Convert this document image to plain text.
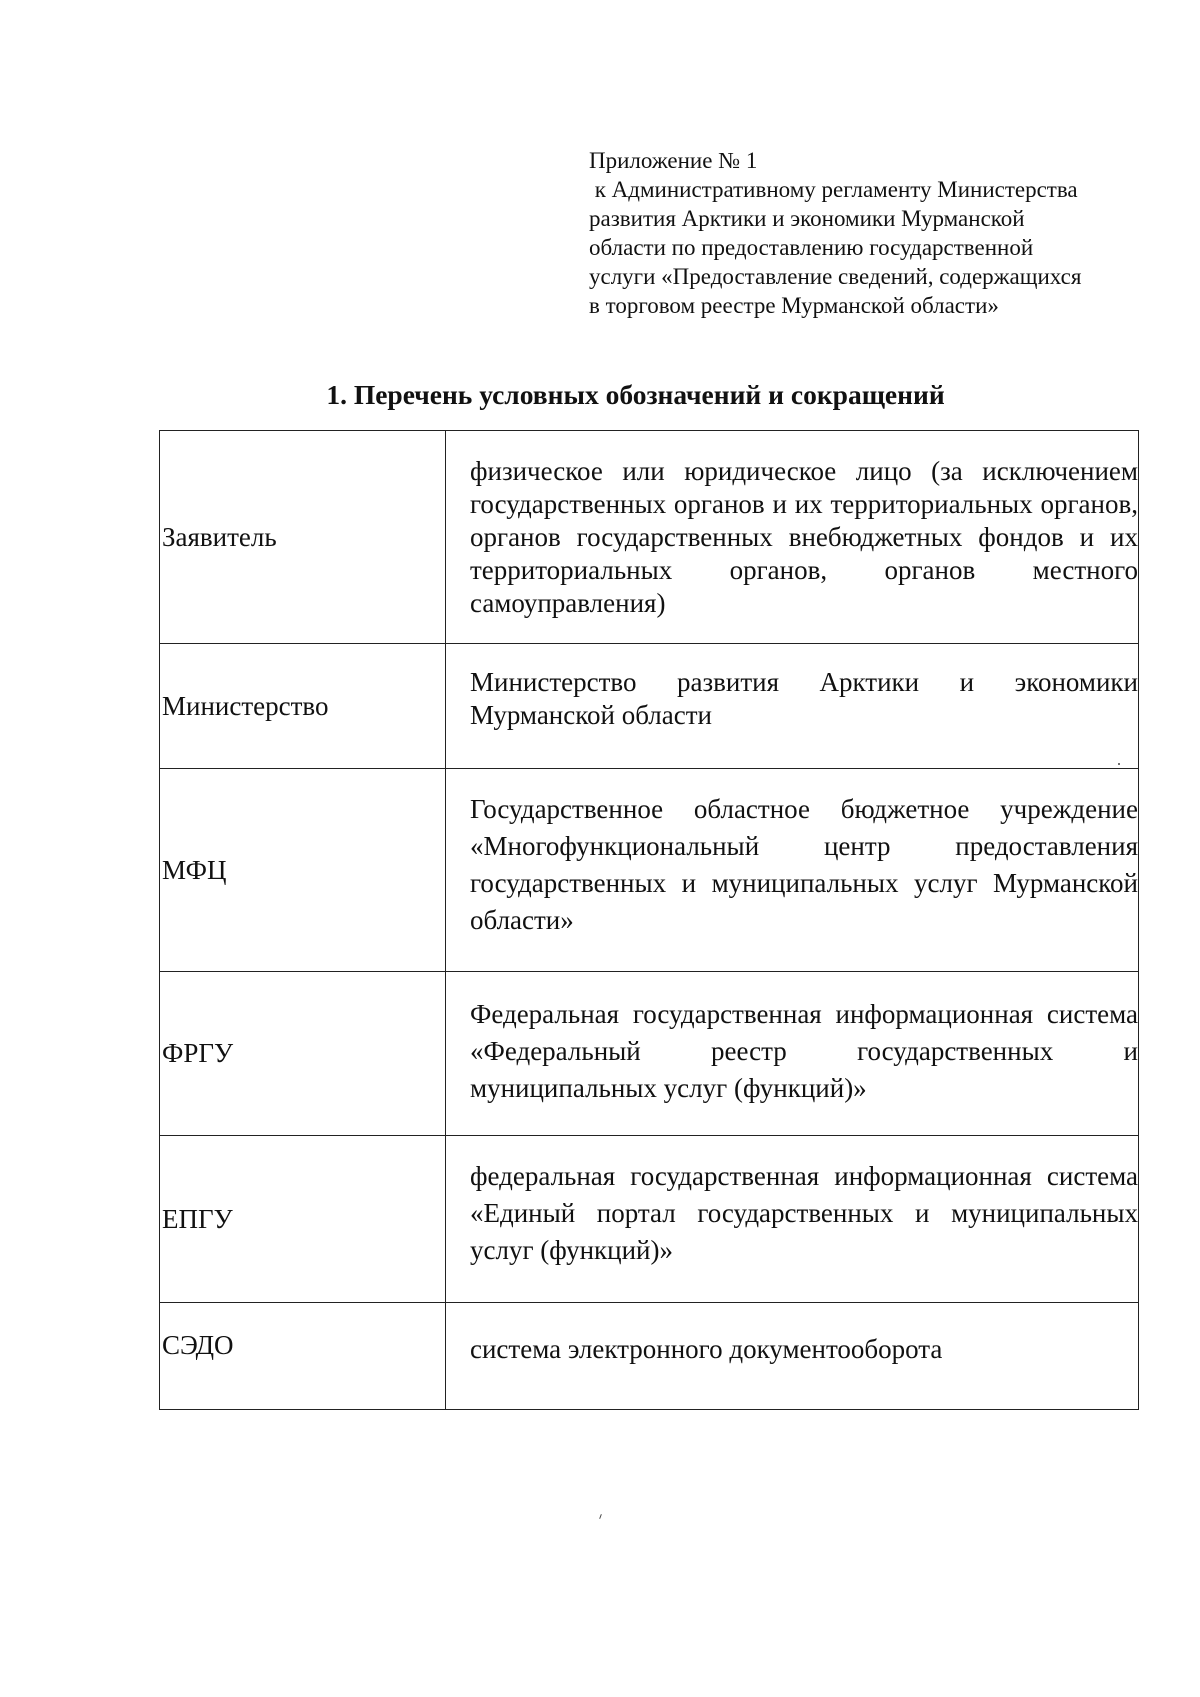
Приложение № 1
к Административному регламенту Министерства
развития Арктики и экономики Мурманской
области по предоставлению государственной
услуги «Предоставление сведений, содержащихся
в торговом реестре Мурманской области»
1. Перечень условных обозначений и сокращений
Заявитель	физическое или юридическое лицо (за исключением государственных органов и их территориальных органов, органов государственных внебюджетных фондов и их территориальных органов, органов местного самоуправления)

Министерство	Министерство развития Арктики и экономики Мурманской области

МФЦ	Государственное областное бюджетное учреждение «Многофункциональный центр предоставления государственных и муниципальных услуг Мурманской области»

ФРГУ	Федеральная государственная информационная система «Федеральный реестр государственных и муниципальных услуг (функций)»

ЕПГУ	федеральная государственная информационная система «Единый портал государственных и муниципальных услуг (функций)»

СЭДО	система электронного документооборота
